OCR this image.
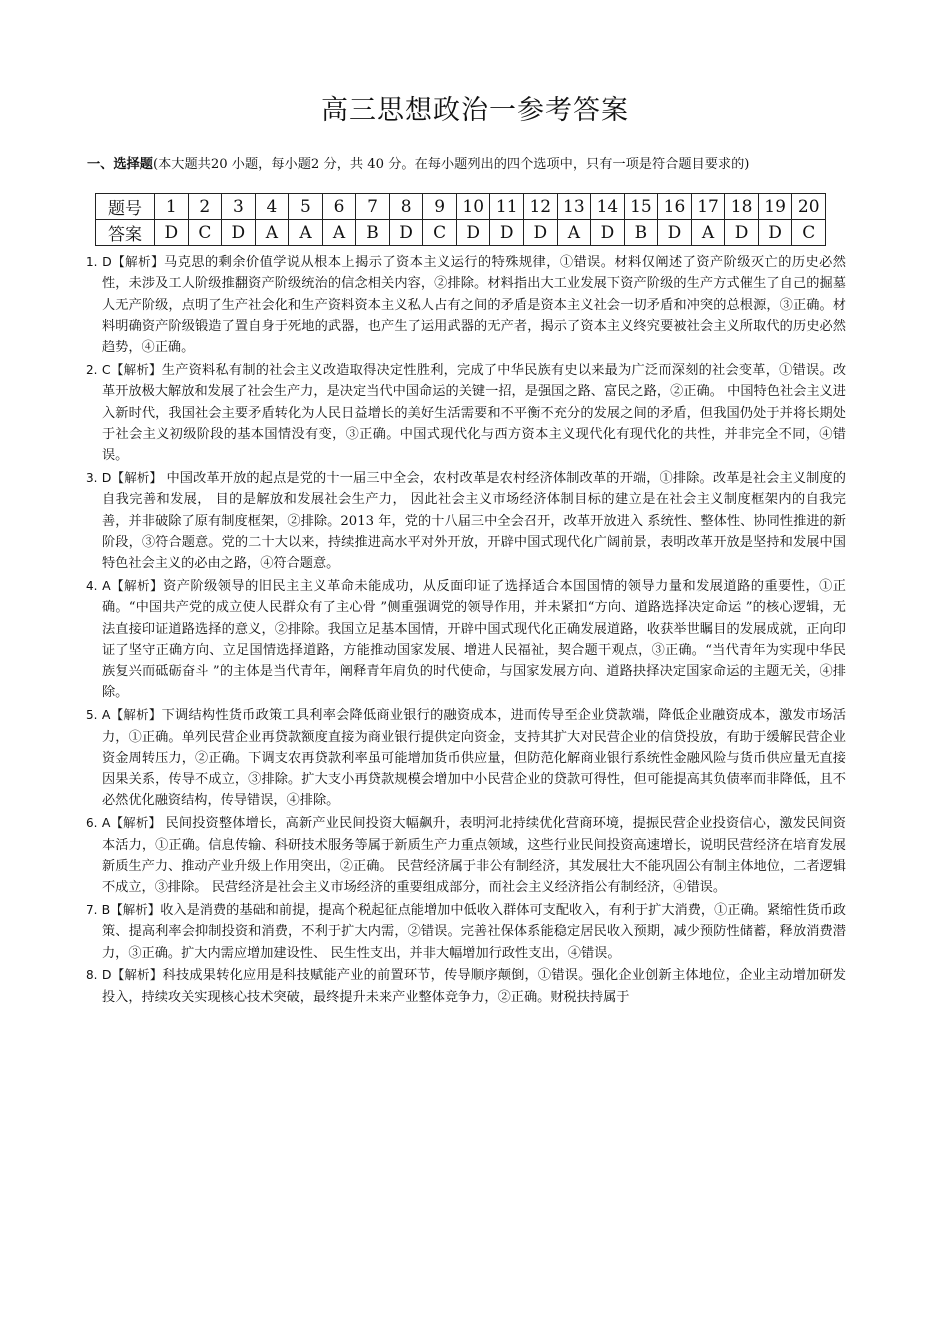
高三思想政治一参考答案
一、选择题(本大题共20 小题，每小题2 分，共 40 分。在每小题列出的四个选项中，只有一项是符合题目要求的)
题号	1	2	3	4	5	6	7	8	9	10	11	12	13	14	15	16	17	18	19	20
答案	D	C	D	A	A	A	B	D	C	D	D	D	A	D	B	D	A	D	D	C
1. D【解析】马克思的剩余价值学说从根本上揭示了资本主义运行的特殊规律，①错误。材料仅阐述了资产阶级灭亡的历史必然性，未涉及工人阶级推翻资产阶级统治的信念相关内容，②排除。材料指出大工业发展下资产阶级的生产方式催生了自己的掘墓人无产阶级，点明了生产社会化和生产资料资本主义私人占有之间的矛盾是资本主义社会一切矛盾和冲突的总根源，③正确。材料明确资产阶级锻造了置自身于死地的武器，也产生了运用武器的无产者，揭示了资本主义终究要被社会主义所取代的历史必然趋势，④正确。
2. C【解析】生产资料私有制的社会主义改造取得决定性胜利，完成了中华民族有史以来最为广泛而深刻的社会变革，①错误。改革开放极大解放和发展了社会生产力，是决定当代中国命运的关键一招，是强国之路、富民之路，②正确。 中国特色社会主义进入新时代，我国社会主要矛盾转化为人民日益增长的美好生活需要和不平衡不充分的发展之间的矛盾，但我国仍处于并将长期处于社会主义初级阶段的基本国情没有变，③正确。中国式现代化与西方资本主义现代化有现代化的共性，并非完全不同，④错误。
3. D【解析】 中国改革开放的起点是党的十一届三中全会，农村改革是农村经济体制改革的开端，①排除。改革是社会主义制度的自我完善和发展， 目的是解放和发展社会生产力， 因此社会主义市场经济体制目标的建立是在社会主义制度框架内的自我完善，并非破除了原有制度框架，②排除。2013 年，党的十八届三中全会召开，改革开放进入 系统性、整体性、协同性推进的新阶段，③符合题意。党的二十大以来，持续推进高水平对外开放，开辟中国式现代化广阔前景，表明改革开放是坚持和发展中国特色社会主义的必由之路，④符合题意。
4. A【解析】资产阶级领导的旧民主主义革命未能成功，从反面印证了选择适合本国国情的领导力量和发展道路的重要性，①正确。“中国共产党的成立使人民群众有了主心骨 ”侧重强调党的领导作用，并未紧扣“方向、道路选择决定命运 ”的核心逻辑，无法直接印证道路选择的意义，②排除。我国立足基本国情，开辟中国式现代化正确发展道路，收获举世瞩目的发展成就，正向印证了坚守正确方向、立足国情选择道路，方能推动国家发展、增进人民福祉，契合题干观点，③正确。“当代青年为实现中华民族复兴而砥砺奋斗 ”的主体是当代青年，阐释青年肩负的时代使命，与国家发展方向、道路抉择决定国家命运的主题无关，④排除。
5. A【解析】下调结构性货币政策工具利率会降低商业银行的融资成本，进而传导至企业贷款端，降低企业融资成本，激发市场活力，①正确。单列民营企业再贷款额度直接为商业银行提供定向资金，支持其扩大对民营企业的信贷投放，有助于缓解民营企业资金周转压力，②正确。下调支农再贷款利率虽可能增加货币供应量，但防范化解商业银行系统性金融风险与货币供应量无直接因果关系，传导不成立，③排除。扩大支小再贷款规模会增加中小民营企业的贷款可得性，但可能提高其负债率而非降低，且不必然优化融资结构，传导错误，④排除。
6. A【解析】 民间投资整体增长，高新产业民间投资大幅飙升，表明河北持续优化营商环境，提振民营企业投资信心，激发民间资本活力，①正确。信息传输、科研技术服务等属于新质生产力重点领域，这些行业民间投资高速增长，说明民营经济在培育发展新质生产力、推动产业升级上作用突出，②正确。 民营经济属于非公有制经济，其发展壮大不能巩固公有制主体地位，二者逻辑不成立，③排除。 民营经济是社会主义市场经济的重要组成部分，而社会主义经济指公有制经济，④错误。
7. B【解析】收入是消费的基础和前提，提高个税起征点能增加中低收入群体可支配收入，有利于扩大消费，①正确。紧缩性货币政策、提高利率会抑制投资和消费，不利于扩大内需，②错误。完善社保体系能稳定居民收入预期，减少预防性储蓄，释放消费潜力，③正确。扩大内需应增加建设性、 民生性支出，并非大幅增加行政性支出，④错误。
8. D【解析】科技成果转化应用是科技赋能产业的前置环节，传导顺序颠倒，①错误。强化企业创新主体地位，企业主动增加研发投入，持续攻关实现核心技术突破，最终提升未来产业整体竞争力，②正确。财税扶持属于
